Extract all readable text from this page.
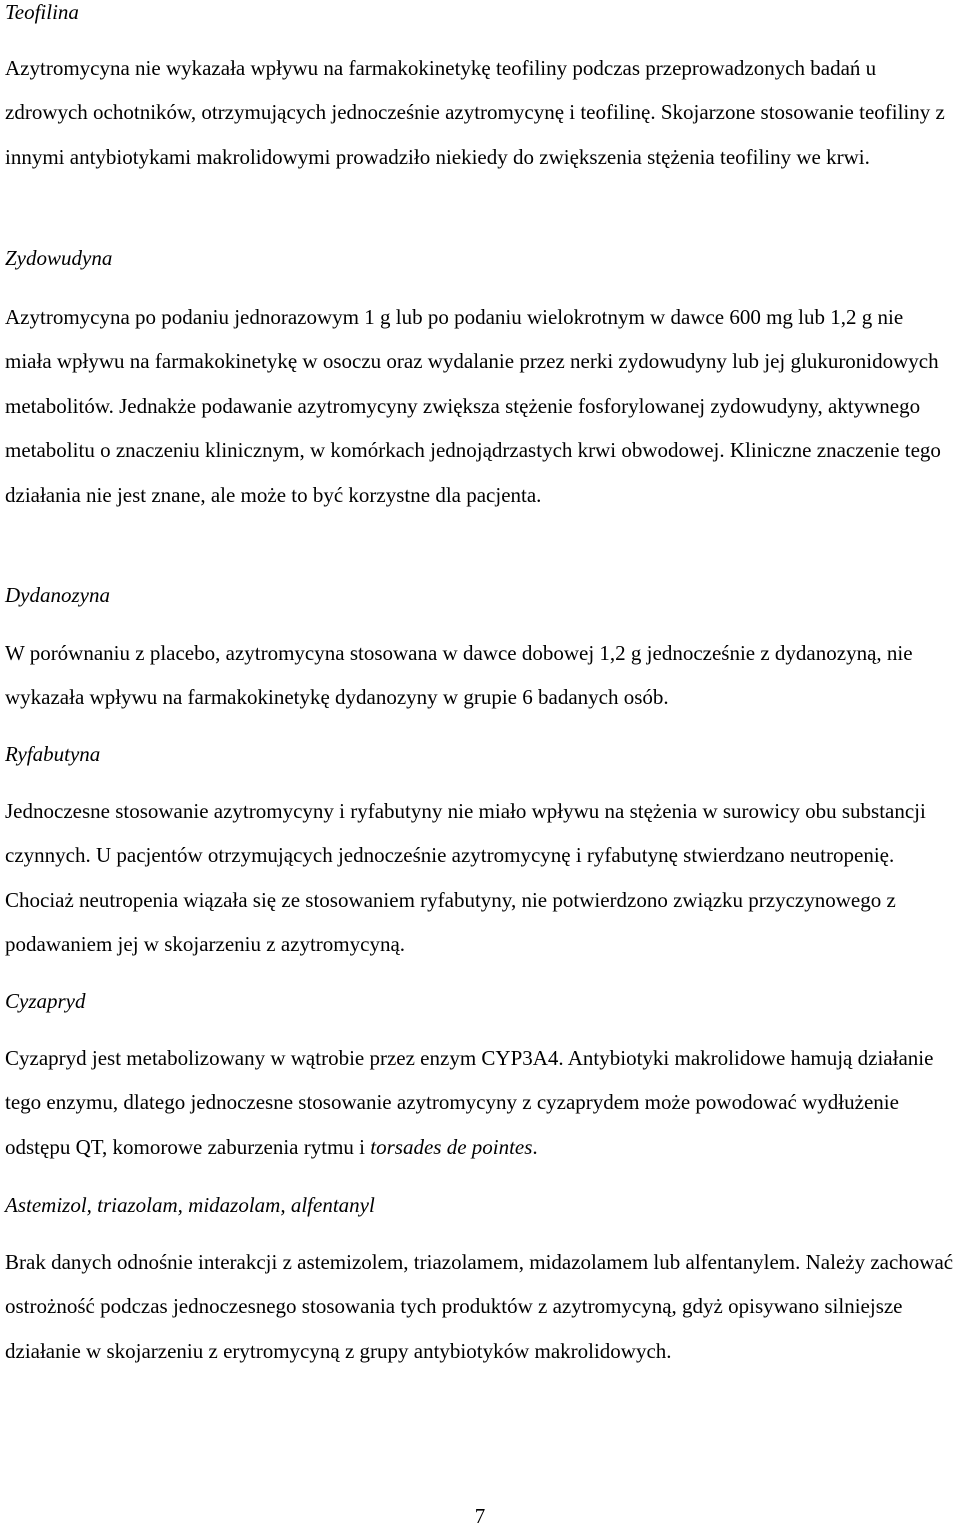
Teofilina

Azytromycyna nie wykazała wpływu na farmakokinetykę teofiliny podczas przeprowadzonych badań u zdrowych ochotników, otrzymujących jednocześnie azytromycynę i teofilinę. Skojarzone stosowanie teofiliny z innymi antybiotykami makrolidowymi prowadziło niekiedy do zwiększenia stężenia teofiliny we krwi.

Zydowudyna

Azytromycyna po podaniu jednorazowym 1 g lub po podaniu wielokrotnym w dawce 600 mg lub 1,2 g nie miała wpływu na farmakokinetykę w osoczu oraz wydalanie przez nerki zydowudyny lub jej glukuronidowych metabolitów. Jednakże podawanie azytromycyny zwiększa stężenie fosforylowanej zydowudyny, aktywnego metabolitu o znaczeniu klinicznym, w komórkach jednojądrzastych krwi obwodowej. Kliniczne znaczenie tego działania nie jest znane, ale może to być korzystne dla pacjenta.

Dydanozyna

W porównaniu z placebo, azytromycyna stosowana w dawce dobowej 1,2 g jednocześnie z dydanozyną, nie wykazała wpływu na farmakokinetykę dydanozyny w grupie 6 badanych osób.

Ryfabutyna

Jednoczesne stosowanie azytromycyny i ryfabutyny nie miało wpływu na stężenia w surowicy obu substancji czynnych. U pacjentów otrzymujących jednocześnie azytromycynę i ryfabutynę stwierdzano neutropenię. Chociaż neutropenia wiązała się ze stosowaniem ryfabutyny, nie potwierdzono związku przyczynowego z podawaniem jej w skojarzeniu z azytromycyną.

Cyzapryd

Cyzapryd jest metabolizowany w wątrobie przez enzym CYP3A4. Antybiotyki makrolidowe hamują działanie tego enzymu, dlatego jednoczesne stosowanie azytromycyny z cyzaprydem może powodować wydłużenie odstępu QT, komorowe zaburzenia rytmu i torsades de pointes.

Astemizol, triazolam, midazolam, alfentanyl

Brak danych odnośnie interakcji z astemizolem, triazolamem, midazolamem lub alfentanylem. Należy zachować ostrożność podczas jednoczesnego stosowania tych produktów z azytromycyną, gdyż opisywano silniejsze działanie w skojarzeniu z erytromycyną z grupy antybiotyków makrolidowych.

7
